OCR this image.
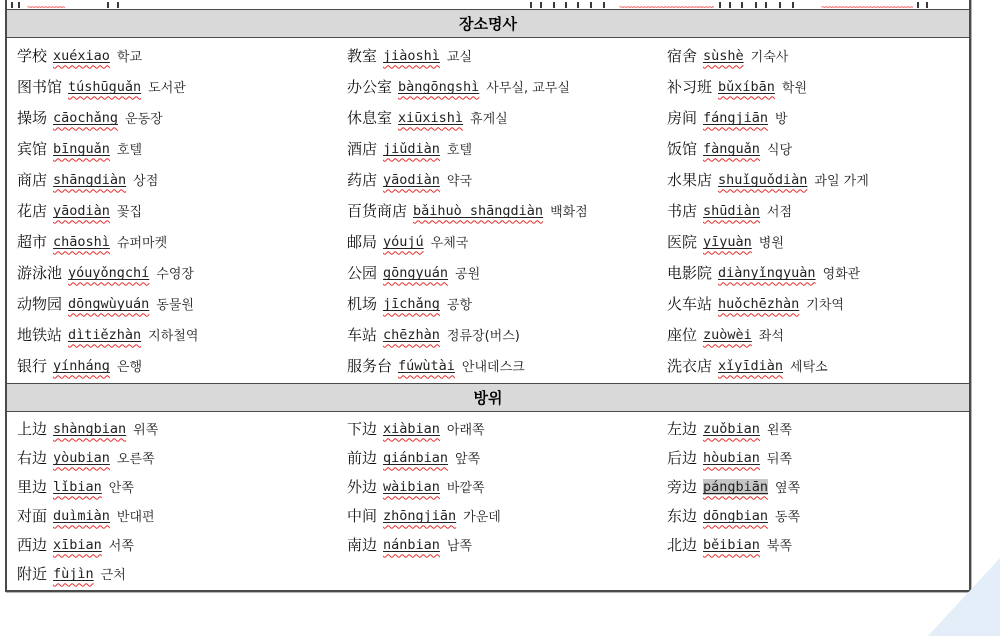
~~~~~
~~~~~
~~~~~
장소명사
学校 xuéxiao 학교	教室 jiàoshì 교실	宿舍 sùshè 기숙사
图书馆 túshūguǎn 도서관	办公室 bàngōngshì 사무실, 교무실	补习班 bǔxíbān 학원
操场 cāochǎng 운동장	休息室 xiūxishì 휴게실	房间 fángjiān 방
宾馆 bīnguǎn 호텔	酒店 jiǔdiàn 호텔	饭馆 fànguǎn 식당
商店 shāngdiàn 상점	药店 yāodiàn 약국	水果店 shuǐguǒdiàn 과일 가게
花店 yāodiàn 꽃집	百货商店 bǎihuò shāngdiàn 백화점	书店 shūdiàn 서점
超市 chāoshì 슈퍼마켓	邮局 yóujú 우체국	医院 yīyuàn 병원
游泳池 yóuyǒngchí 수영장	公园 gōngyuán 공원	电影院 diànyǐngyuàn 영화관
动物园 dōngwùyuán 동물원	机场 jīchǎng 공항	火车站 huǒchēzhàn 기차역
地铁站 dìtiězhàn 지하철역	车站 chēzhàn 정류장(버스)	座位 zuòwèi 좌석
银行 yínháng 은행	服务台 fúwùtài 안내데스크	洗衣店 xǐyīdiàn 세탁소
방위
上边 shàngbian 위쪽	下边 xiàbian 아래쪽	左边 zuǒbian 왼쪽
右边 yòubian 오른쪽	前边 qiánbian 앞쪽	后边 hòubian 뒤쪽
里边 lǐbian 안쪽	外边 wàibian 바깥쪽	旁边 pángbiān 옆쪽
对面 duìmiàn 반대편	中间 zhōngjiān 가운데	东边 dōngbian 동쪽
西边 xībian 서쪽	南边 nánbian 남쪽	北边 běibian 북쪽
附近 fùjìn 근처
